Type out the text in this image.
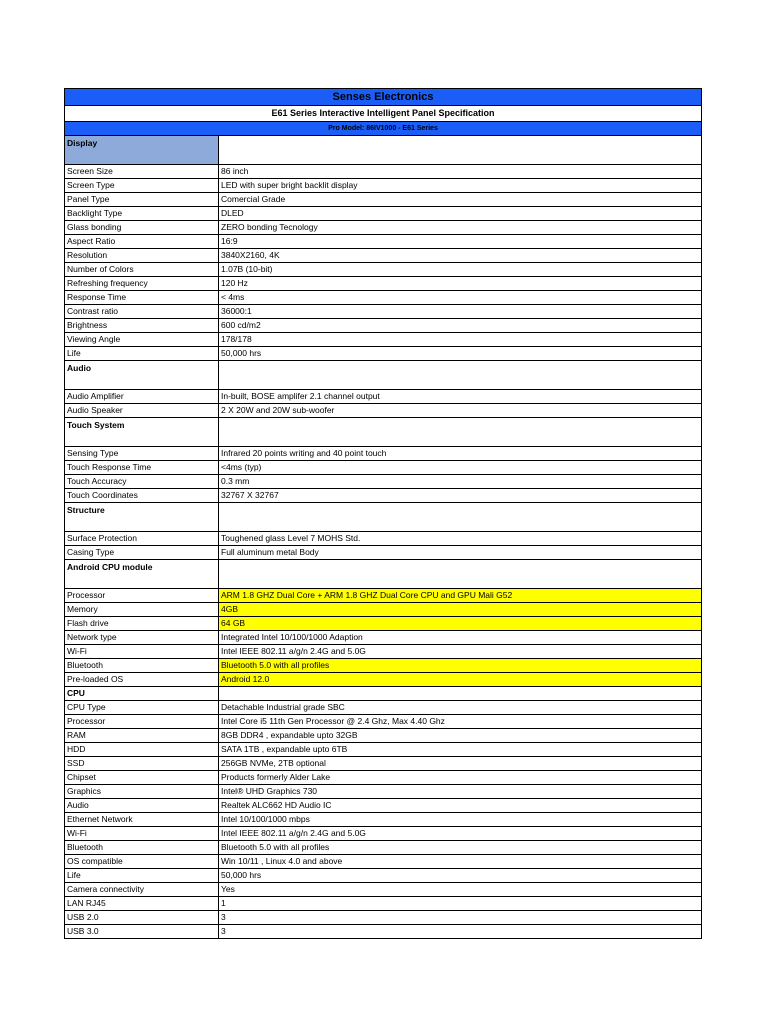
Senses Electronics
E61 Series Interactive Intelligent Panel Specification
Pro Model: 86IV1000 - E61 Series
Display
Screen Size	86 inch
Screen Type	LED with super bright backlit display
Panel Type	Comercial Grade
Backlight Type	DLED
Glass bonding	ZERO bonding Tecnology
Aspect Ratio	16:9
Resolution	3840X2160, 4K
Number of Colors	1.07B (10-bit)
Refreshing frequency	120 Hz
Response Time	< 4ms
Contrast ratio	36000:1
Brightness	600 cd/m2
Viewing Angle	178/178
Life	50,000 hrs
Audio
Audio Amplifier	In-built, BOSE amplifer 2.1 channel output
Audio Speaker	2 X 20W and 20W sub-woofer
Touch System
Sensing Type	Infrared 20 points writing and 40 point touch
Touch Response Time	<4ms (typ)
Touch Accuracy	0.3 mm
Touch Coordinates	32767 X 32767
Structure
Surface Protection	Toughened glass Level 7 MOHS Std.
Casing Type	Full aluminum metal Body
Android CPU module
Processor	ARM 1.8 GHZ Dual Core + ARM 1.8 GHZ Dual Core CPU and GPU Mali G52
Memory	4GB
Flash drive	64 GB
Network type	Integrated Intel 10/100/1000 Adaption
Wi-Fi	Intel IEEE 802.11 a/g/n 2.4G and 5.0G
Bluetooth	Bluetooth 5.0 with all profiles
Pre-loaded OS	Android 12.0
CPU
CPU Type	Detachable Industrial grade SBC
Processor	Intel Core i5 11th Gen Processor @ 2.4 Ghz, Max 4.40 Ghz
RAM	8GB DDR4 , expandable upto 32GB
HDD	SATA 1TB , expandable upto 6TB
SSD	256GB NVMe, 2TB optional
Chipset	Products formerly Alder Lake
Graphics	Intel® UHD Graphics 730
Audio	Realtek ALC662 HD Audio IC
Ethernet Network	Intel 10/100/1000 mbps
Wi-Fi	Intel IEEE 802.11 a/g/n 2.4G and 5.0G
Bluetooth	Bluetooth 5.0 with all profiles
OS compatible	Win 10/11 , Linux 4.0 and above
Life	50,000 hrs
Camera connectivity	Yes
LAN RJ45	1
USB 2.0	3
USB 3.0	3
